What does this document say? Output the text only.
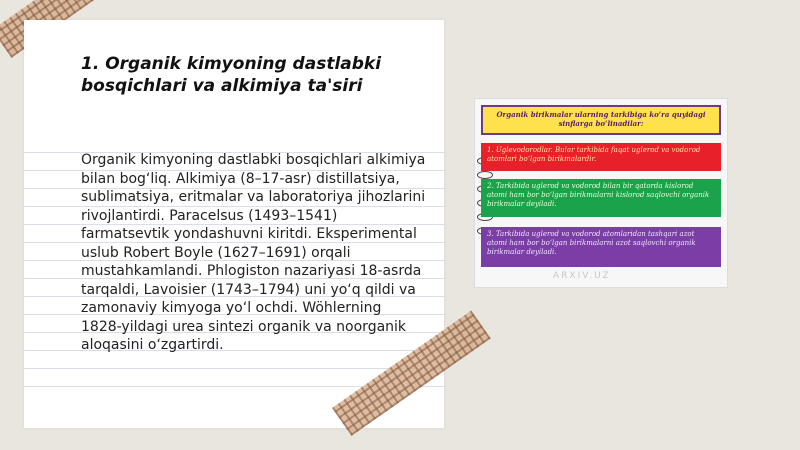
1. Organik kimyoning dastlabki bosqichlari va alkimiya ta'siri

Organik kimyoning dastlabki bosqichlari alkimiya bilan bog‘liq. Alkimiya (8–17-asr) distillatsiya, sublimatsiya, eritmalar va laboratoriya jihozlarini rivojlantirdi. Paracelsus (1493–1541) farmatsevtik yondashuvni kiritdi. Eksperimental uslub Robert Boyle (1627–1691) orqali mustahkamlandi. Phlogiston nazariyasi 18-asrda tarqaldi, Lavoisier (1743–1794) uni yo‘q qildi va zamonaviy kimyoga yo‘l ochdi. Wöhlerning 1828-yildagi urea sintezi organik va noorganik aloqasini o‘zgartirdi.

Organik birikmalar ularning tarkibiga ko‘ra quyidagi sinflarga bo‘linadilar:
1. Uglevodorodlar. Bular tarkibida faqat uglerod va vodorod atomlari bo‘lgan birikmalardir.
2. Tarkibida uglerod va vodorod bilan bir qatorda kislorod atomi ham bor bo‘lgan birikmalarni kislorod saqlovchi organik birikmalar deyiladi.
3. Tarkibida uglerod va vodorod atomlaridan tashqari azot atomi ham bor bo‘lgan birikmalarni azot saqlovchi organik birikmalar deyiladi.
ARXIV.UZ
